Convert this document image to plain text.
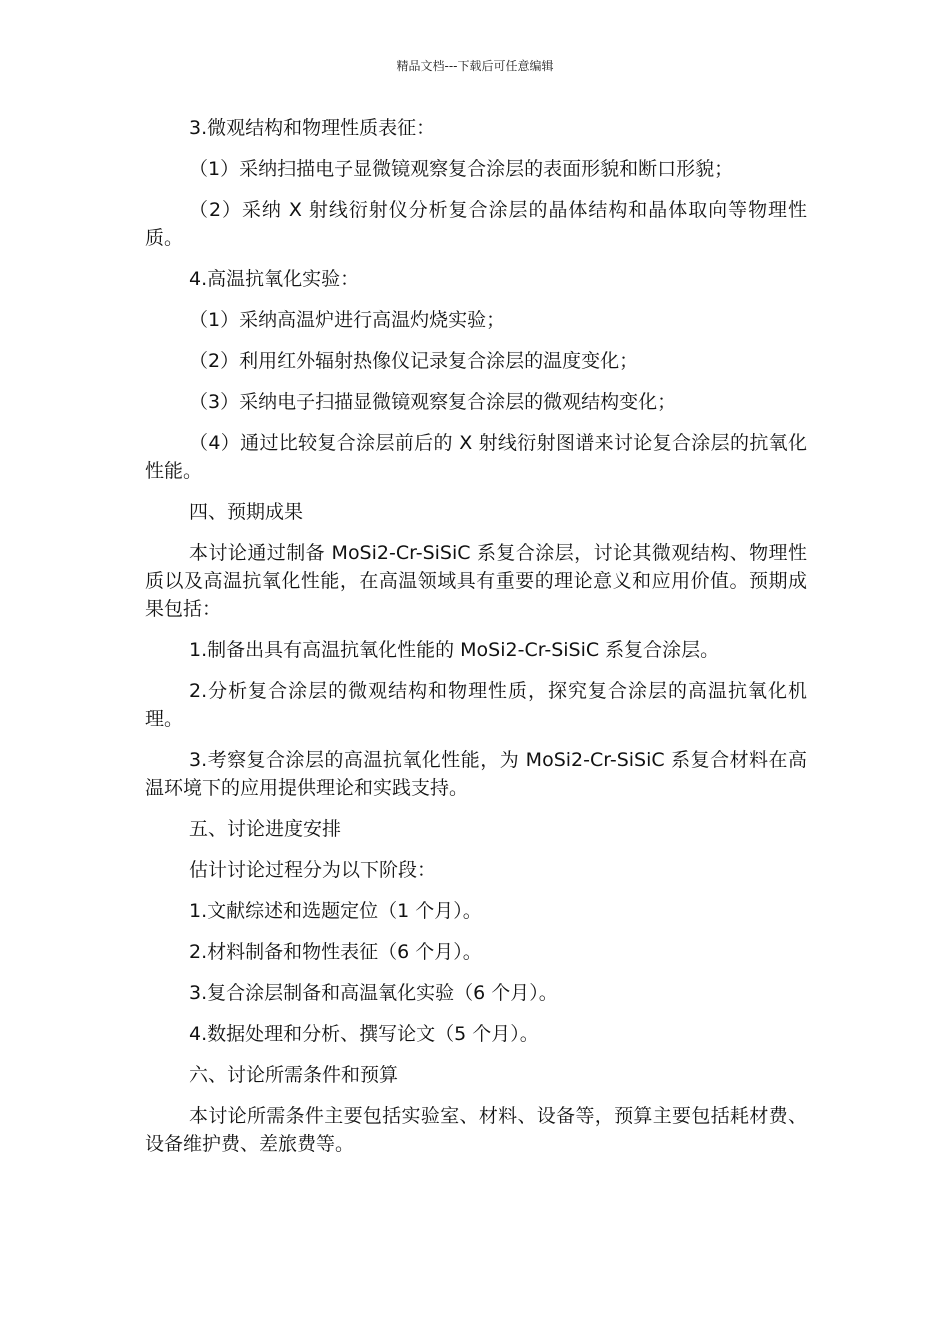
精品文档---下载后可任意编辑

3.微观结构和物理性质表征：

（1）采纳扫描电子显微镜观察复合涂层的表面形貌和断口形貌；

（2）采纳 X 射线衍射仪分析复合涂层的晶体结构和晶体取向等物理性质。

4.高温抗氧化实验：

（1）采纳高温炉进行高温灼烧实验；

（2）利用红外辐射热像仪记录复合涂层的温度变化；

（3）采纳电子扫描显微镜观察复合涂层的微观结构变化；

（4）通过比较复合涂层前后的 X 射线衍射图谱来讨论复合涂层的抗氧化性能。

四、预期成果

本讨论通过制备 MoSi2-Cr-SiSiC 系复合涂层，讨论其微观结构、物理性质以及高温抗氧化性能，在高温领域具有重要的理论意义和应用价值。预期成果包括：

1.制备出具有高温抗氧化性能的 MoSi2-Cr-SiSiC 系复合涂层。

2.分析复合涂层的微观结构和物理性质，探究复合涂层的高温抗氧化机理。

3.考察复合涂层的高温抗氧化性能，为 MoSi2-Cr-SiSiC 系复合材料在高温环境下的应用提供理论和实践支持。

五、讨论进度安排

估计讨论过程分为以下阶段：

1.文献综述和选题定位（1 个月）。

2.材料制备和物性表征（6 个月）。

3.复合涂层制备和高温氧化实验（6 个月）。

4.数据处理和分析、撰写论文（5 个月）。

六、讨论所需条件和预算

本讨论所需条件主要包括实验室、材料、设备等，预算主要包括耗材费、设备维护费、差旅费等。
